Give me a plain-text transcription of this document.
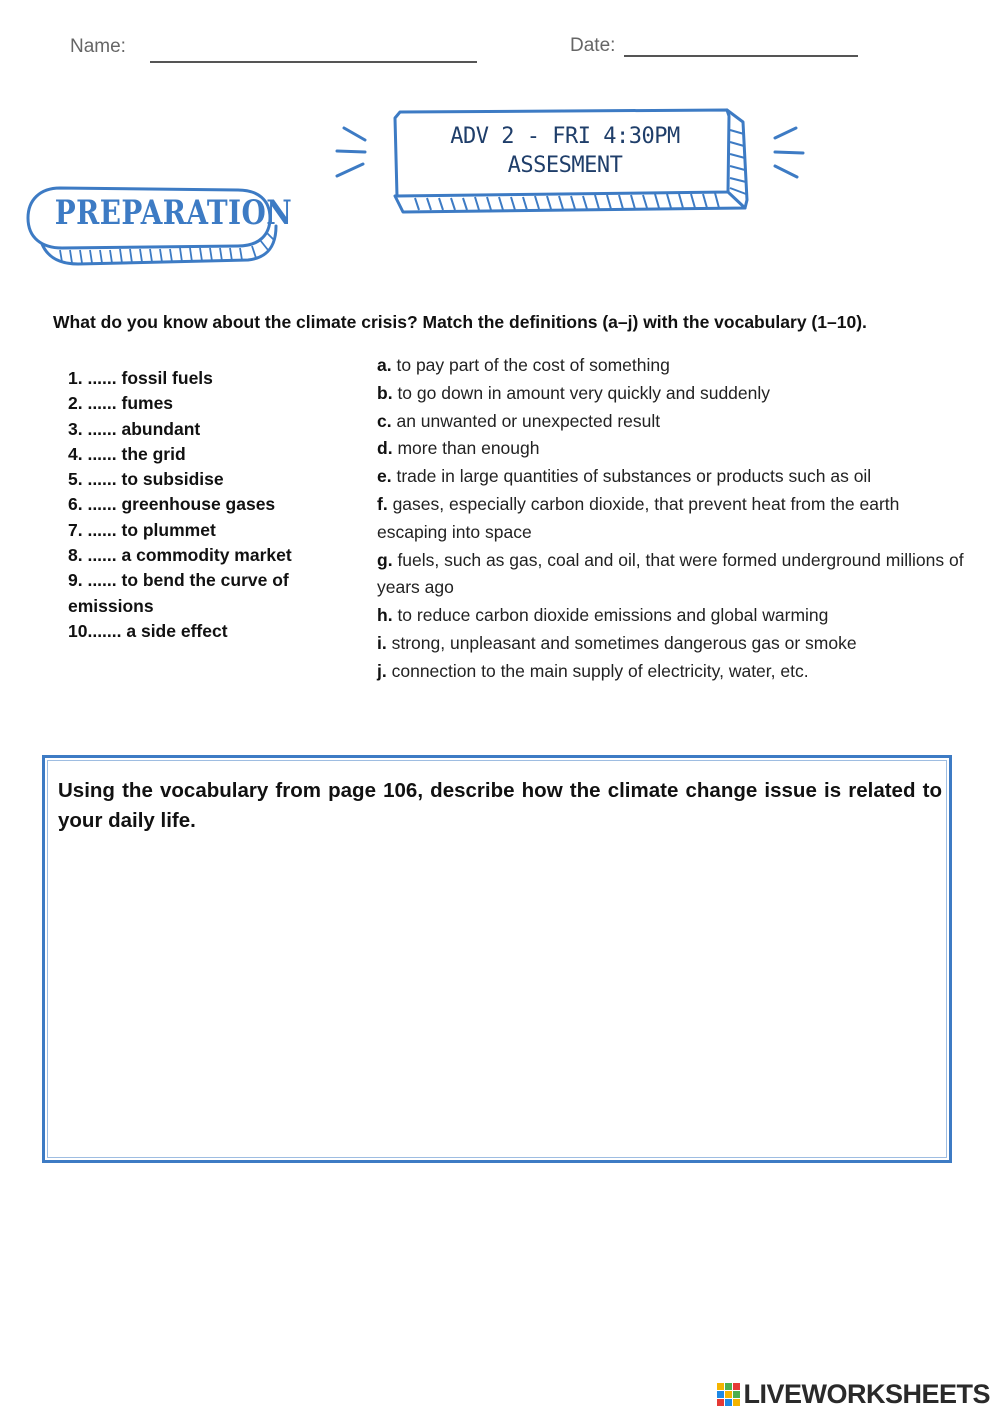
Name:	Date:
ADV 2 - FRI 4:30PM
ASSESMENT
PREPARATION
What do you know about the climate crisis? Match the definitions (a–j) with the vocabulary (1–10).
1. ...... fossil fuels
2. ...... fumes
3. ...... abundant
4. ...... the grid
5. ...... to subsidise
6. ...... greenhouse gases
7. ...... to plummet
8. ...... a commodity market
9. ...... to bend the curve of emissions
10....... a side effect
a. to pay part of the cost of something
b. to go down in amount very quickly and suddenly
c. an unwanted or unexpected result
d. more than enough
e. trade in large quantities of substances or products such as oil
f. gases, especially carbon dioxide, that prevent heat from the earth escaping into space
g. fuels, such as gas, coal and oil, that were formed underground millions of years ago
h. to reduce carbon dioxide emissions and global warming
i. strong, unpleasant and sometimes dangerous gas or smoke
j. connection to the main supply of electricity, water, etc.
Using the vocabulary from page 106, describe how the climate change issue is related to your daily life.
LIVEWORKSHEETS
